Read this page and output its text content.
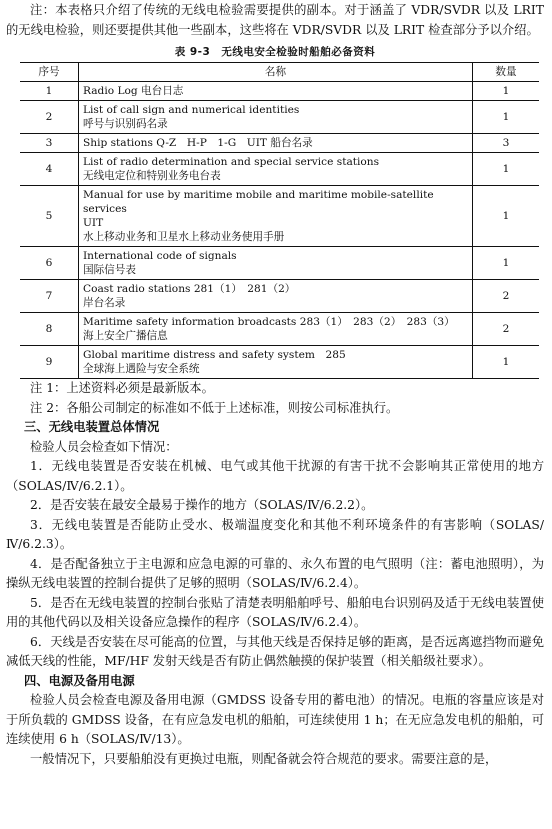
注：本表格只介绍了传统的无线电检验需要提供的副本。对于涵盖了 VDR/SVDR 以及 LRIT 的无线电检验，则还要提供其他一些副本，这些将在 VDR/SVDR 以及 LRIT 检查部分予以介绍。

表 9-3　无线电安全检验时船舶必备资料
序号	名称	数量
1	Radio Log 电台日志	1
2	List of call sign and numerical identities
呼号与识别码名录	1
3	Ship stations Q-Z　H-P　1-G　UIT 船台名录	3
4	List of radio determination and special service stations
无线电定位和特别业务电台表	1
5	Manual for use by maritime mobile and maritime mobile-satellite services
UIT
水上移动业务和卫星水上移动业务使用手册	1
6	International code of signals
国际信号表	1
7	Coast radio stations 281（1）　281（2）
岸台名录	2
8	Maritime safety information broadcasts 283（1）　283（2）　283（3）
海上安全广播信息	2
9	Global maritime distress and safety system　285
全球海上遇险与安全系统	1

注 1：上述资料必须是最新版本。

注 2：各船公司制定的标准如不低于上述标准，则按公司标准执行。

三、无线电装置总体情况

检验人员会检查如下情况：

1．无线电装置是否安装在机械、电气或其他干扰源的有害干扰不会影响其正常使用的地方（SOLAS/Ⅳ/6.2.1）。

2．是否安装在最安全最易于操作的地方（SOLAS/Ⅳ/6.2.2）。

3．无线电装置是否能防止受水、极端温度变化和其他不利环境条件的有害影响（SOLAS/Ⅳ/6.2.3）。

4．是否配备独立于主电源和应急电源的可靠的、永久布置的电气照明（注：蓄电池照明），为操纵无线电装置的控制台提供了足够的照明（SOLAS/Ⅳ/6.2.4）。

5．是否在无线电装置的控制台张贴了清楚表明船舶呼号、船舶电台识别码及适于无线电装置使用的其他代码以及相关设备应急操作的程序（SOLAS/Ⅳ/6.2.4）。

6．天线是否安装在尽可能高的位置，与其他天线是否保持足够的距离，是否远离遮挡物而避免减低天线的性能，MF/HF 发射天线是否有防止偶然触摸的保护装置（相关船级社要求）。

四、电源及备用电源

检验人员会检查电源及备用电源（GMDSS 设备专用的蓄电池）的情况。电瓶的容量应该是对于所负载的 GMDSS 设备，在有应急发电机的船舶，可连续使用 1 h；在无应急发电机的船舶，可连续使用 6 h（SOLAS/Ⅳ/13）。

一般情况下，只要船舶没有更换过电瓶，则配备就会符合规范的要求。需要注意的是，
